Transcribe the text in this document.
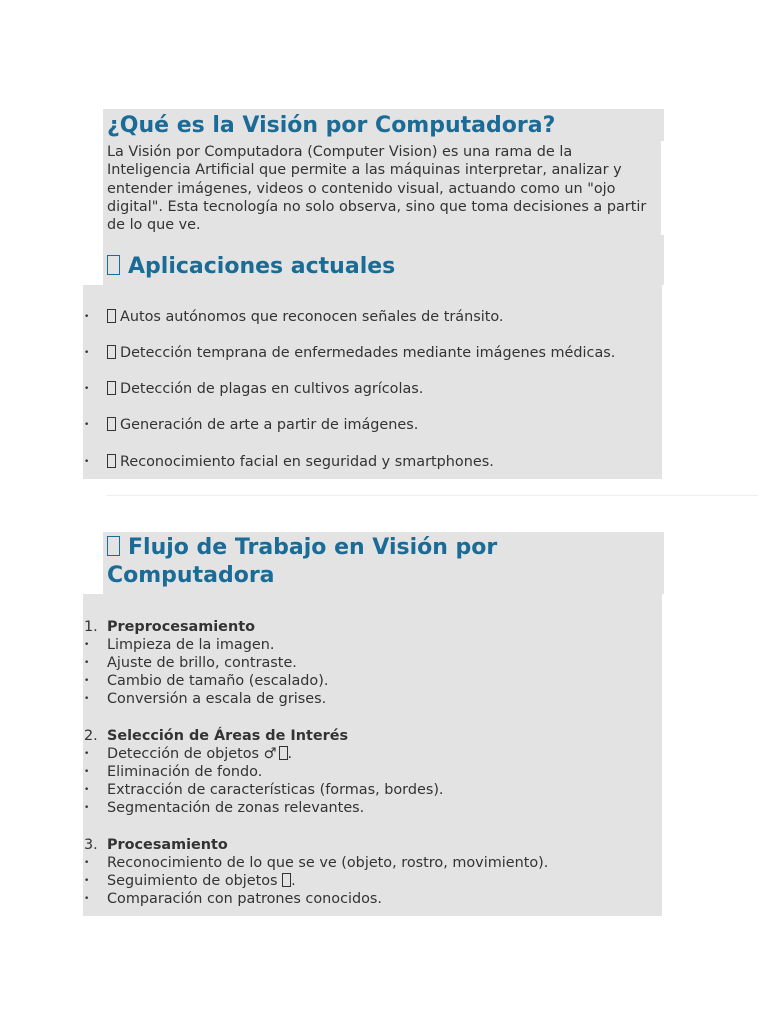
¿Qué es la Visión por Computadora?

La Visión por Computadora (Computer Vision) es una rama de la Inteligencia Artificial que permite a las máquinas interpretar, analizar y entender imágenes, videos o contenido visual, actuando como un "ojo digital". Esta tecnología no solo observa, sino que toma decisiones a partir de lo que ve.

Aplicaciones actuales
• Autos autónomos que reconocen señales de tránsito.
• Detección temprana de enfermedades mediante imágenes médicas.
• Detección de plagas en cultivos agrícolas.
• Generación de arte a partir de imágenes.
• Reconocimiento facial en seguridad y smartphones.
Flujo de Trabajo en Visión por
Computadora
1. Preprocesamiento
• Limpieza de la imagen.
• Ajuste de brillo, contraste.
• Cambio de tamaño (escalado).
• Conversión a escala de grises.
2. Selección de Áreas de Interés
• Detección de objetos ♂ .
• Eliminación de fondo.
• Extracción de características (formas, bordes).
• Segmentación de zonas relevantes.
3. Procesamiento
• Reconocimiento de lo que se ve (objeto, rostro, movimiento).
• Seguimiento de objetos .
• Comparación con patrones conocidos.
